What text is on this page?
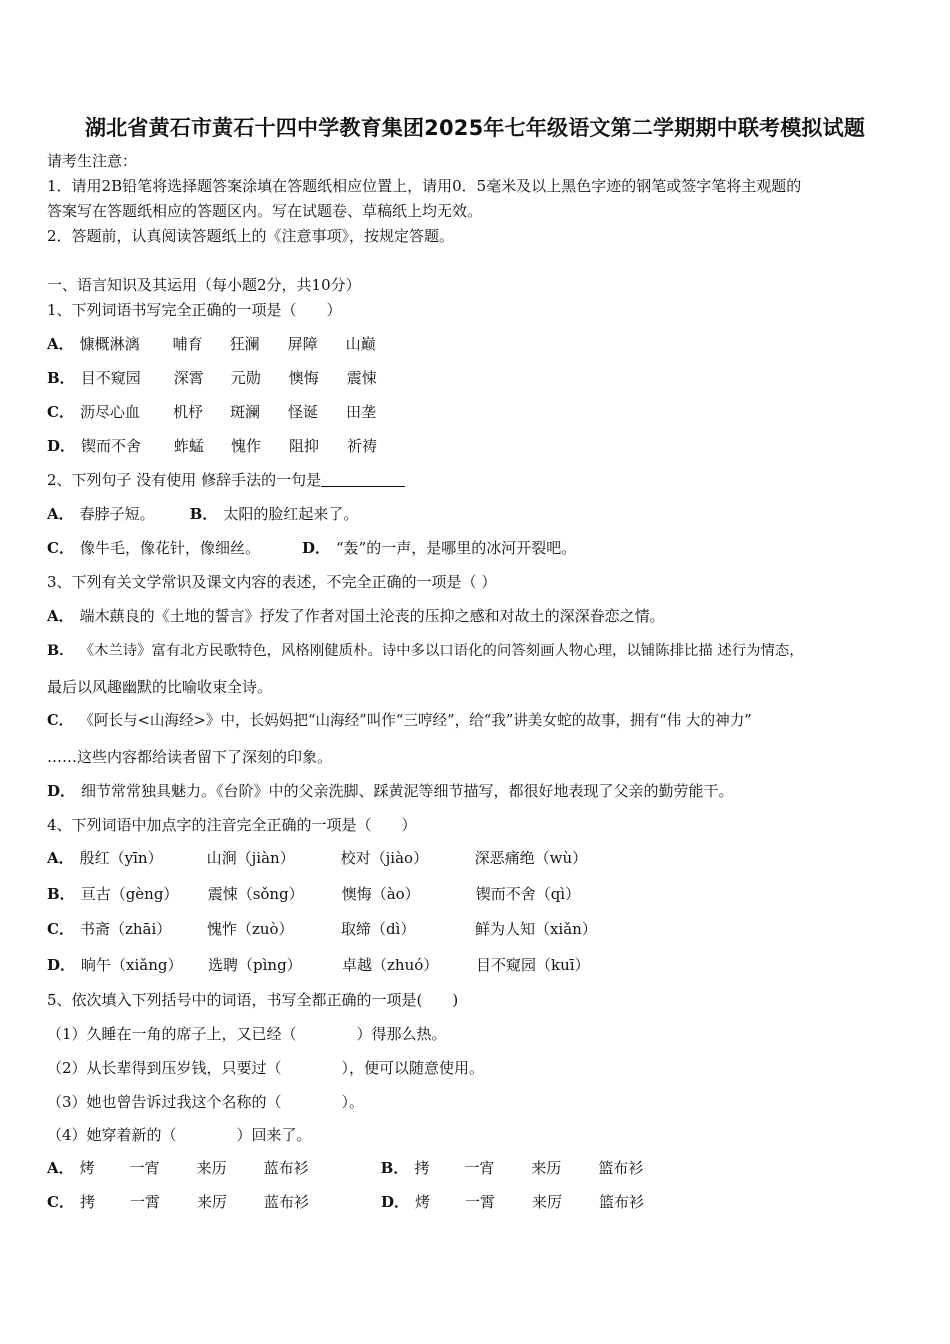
湖北省黄石市黄石十四中学教育集团2025年七年级语文第二学期期中联考模拟试题
请考生注意：
1．请用2B铅笔将选择题答案涂填在答题纸相应位置上，请用0．5毫米及以上黑色字迹的钢笔或签字笔将主观题的
答案写在答题纸相应的答题区内。写在试题卷、草稿纸上均无效。
2．答题前，认真阅读答题纸上的《注意事项》，按规定答题。
一、语言知识及其运用（每小题2分，共10分）
1、下列词语书写完全正确的一项是（　　）
A． 慷概淋漓 哺育 狂澜 屏障 山巅
B． 目不窥园 深霄 元勋 懊悔 震悚
C． 沥尽心血 机杼 斑澜 怪诞 田垄
D． 锲而不舍 蚱蜢 愧作 阻抑 祈祷
2、下列句子 没有使用 修辞手法的一句是
A． 春脖子短。 B． 太阳的脸红起来了。
C． 像牛毛，像花针，像细丝。	D． “轰”的一声，是哪里的冰河开裂吧。
3、下列有关文学常识及课文内容的表述，不完全正确的一项是（ ）
A． 端木蕻良的《土地的誓言》抒发了作者对国土沦丧的压抑之感和对故土的深深眷恋之情。
B． 《木兰诗》富有北方民歌特色，风格刚健质朴。诗中多以口语化的问答刻画人物心理，以铺陈排比描 述行为情态，
最后以风趣幽默的比喻收束全诗。
C． 《阿长与<山海经>》中，长妈妈把“山海经”叫作“三哼经”，给“我”讲美女蛇的故事，拥有“伟 大的神力”
……这些内容都给读者留下了深刻的印象。
D． 细节常常独具魅力。《台阶》中的父亲洗脚、踩黄泥等细节描写，都很好地表现了父亲的勤劳能干。
4、下列词语中加点字的注音完全正确的一项是（　　）
A． 殷红（yīn）	山涧（jiàn）	校对（jiào）	深恶痛绝（wù）
B． 亘古（gèng） 震悚（sǒng）	懊悔（ào）	锲而不舍（qì）
C． 书斋（zhāi） 愧怍（zuò）	取缔（dì）	鲜为人知（xiǎn）
D． 晌午（xiǎng） 选聘（pìng）	卓越（zhuó）	目不窥园（kuī）
5、依次填入下列括号中的词语，书写全都正确的一项是(　　)
（1）久睡在一角的席子上，又已经（　　　　）得那么热。
（2）从长辈得到压岁钱，只要过（　　　　），便可以随意使用。
（3）她也曾告诉过我这个名称的（　　　　）。
（4）她穿着新的（　　　　）回来了。
A． 烤 一宵 来历 蓝布衫	B． 拷 一宵 来历 篮布衫
C． 拷 一霄 来厉 蓝布衫	D． 烤 一霄 来厉 篮布衫
